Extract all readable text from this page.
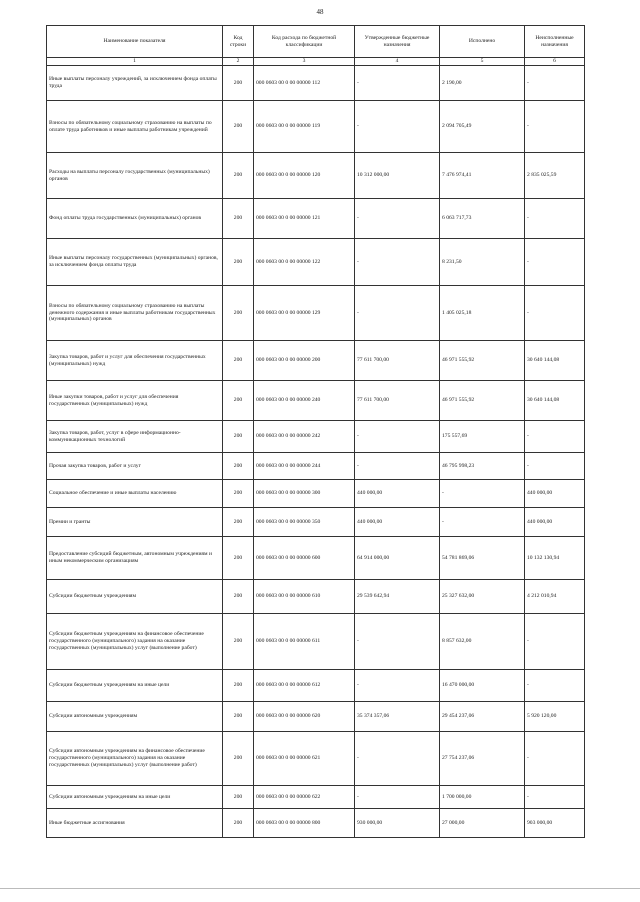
48
Наименование показателя	Код строки	Код расхода по бюджетной классификации	Утвержденные бюджетные назначения	Исполнено	Неисполненные назначения
1	2	3	4	5	6
Иные выплаты персоналу учреждений, за исключением фонда оплаты труда	200	000 0603 00 0 00 00000 112	-	2 190,00	-
Взносы по обязательному социальному страхованию на выплаты по оплате труда работников и иные выплаты работникам учреждений	200	000 0603 00 0 00 00000 119	-	2 094 705,49	-
Расходы на выплаты персоналу государственных (муниципальных) органов	200	000 0603 00 0 00 00000 120	10 312 000,00	7 476 974,41	2 835 025,59
Фонд оплаты труда государственных (муниципальных) органов	200	000 0603 00 0 00 00000 121	-	6 063 717,73	-
Иные выплаты персоналу государственных (муниципальных) органов, за исключением фонда оплаты труда	200	000 0603 00 0 00 00000 122	-	8 231,50	-
Взносы по обязательному социальному страхованию на выплаты денежного содержания и иные выплаты работникам государственных (муниципальных) органов	200	000 0603 00 0 00 00000 129	-	1 405 025,18	-
Закупка товаров, работ и услуг для обеспечения государственных (муниципальных) нужд	200	000 0603 00 0 00 00000 200	77 611 700,00	46 971 555,92	30 640 144,08
Иные закупки товаров, работ и услуг для обеспечения государственных (муниципальных) нужд	200	000 0603 00 0 00 00000 240	77 611 700,00	46 971 555,92	30 640 144,08
Закупка товаров, работ, услуг в сфере информационно-коммуникационных технологий	200	000 0603 00 0 00 00000 242	-	175 557,69	-
Прочая закупка товаров, работ и услуг	200	000 0603 00 0 00 00000 244	-	46 795 998,23	-
Социальное обеспечение и иные выплаты населению	200	000 0603 00 0 00 00000 300	440 000,00	-	440 000,00
Премии и гранты	200	000 0603 00 0 00 00000 350	440 000,00	-	440 000,00
Предоставление субсидий бюджетным, автономным учреждениям и иным некоммерческим организациям	200	000 0603 00 0 00 00000 600	64 914 000,00	54 781 869,06	10 132 130,94
Субсидии бюджетным учреждениям	200	000 0603 00 0 00 00000 610	29 539 642,94	25 327 632,00	4 212 010,94
Субсидии бюджетным учреждениям на финансовое обеспечение государственного (муниципального) задания на оказание государственных (муниципальных) услуг (выполнение работ)	200	000 0603 00 0 00 00000 611	-	8 857 632,00	-
Субсидии бюджетным учреждениям на иные цели	200	000 0603 00 0 00 00000 612	-	16 470 000,00	-
Субсидии автономным учреждениям	200	000 0603 00 0 00 00000 620	35 374 357,06	29 454 237,06	5 920 120,00
Субсидии автономным учреждениям на финансовое обеспечение государственного (муниципального) задания на оказание государственных (муниципальных) услуг (выполнение работ)	200	000 0603 00 0 00 00000 621	-	27 754 237,06	-
Субсидии автономным учреждениям на иные цели	200	000 0603 00 0 00 00000 622	-	1 700 000,00	-
Иные бюджетные ассигнования	200	000 0603 00 0 00 00000 800	930 000,00	27 000,00	903 000,00
